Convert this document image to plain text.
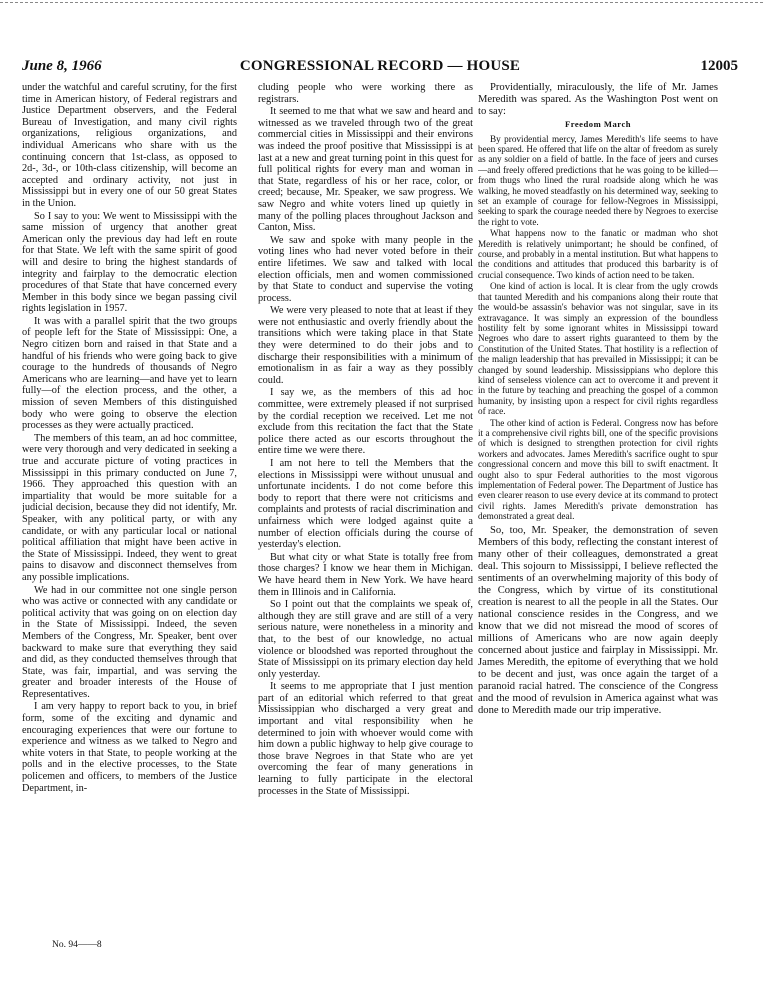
June 8, 1966	CONGRESSIONAL RECORD — HOUSE	12005

under the watchful and careful scrutiny, for the first time in American history, of Federal registrars and Justice Department observers, and the Federal Bureau of Investigation, and many civil rights organizations, religious organizations, and individual Americans who share with us the continuing concern that 1st-class, as opposed to 2d-, 3d-, or 10th-class citizenship, will become an accepted and ordinary activity, not just in Mississippi but in every one of our 50 great States in the Union.

So I say to you: We went to Mississippi with the same mission of urgency that another great American only the previous day had left en route for that State. We left with the same spirit of good will and desire to bring the highest standards of integrity and fairplay to the democratic election procedures of that State that have concerned every Member in this body since we began passing civil rights legislation in 1957.

It was with a parallel spirit that the two groups of people left for the State of Mississippi: One, a Negro citizen born and raised in that State and a handful of his friends who were going back to give courage to the hundreds of thousands of Negro Americans who are learning—and have yet to learn fully—of the election process, and the other, a mission of seven Members of this distinguished body who were going to observe the election processes as they were actually practiced.

The members of this team, an ad hoc committee, were very thorough and very dedicated in seeking a true and accurate picture of voting practices in Mississippi in this primary conducted on June 7, 1966. They approached this question with an impartiality that would be more suitable for a judicial decision, because they did not identify, Mr. Speaker, with any political party, or with any candidate, or with any particular local or national political affiliation that might have been active in the State of Mississippi. Indeed, they went to great pains to disavow and disconnect themselves from any possible implications.

We had in our committee not one single person who was active or connected with any candidate or political activity that was going on on election day in the State of Mississippi. Indeed, the seven Members of the Congress, Mr. Speaker, bent over backward to make sure that everything they said and did, as they conducted themselves through that State, was fair, impartial, and was serving the greater and broader interests of the House of Representatives.

I am very happy to report back to you, in brief form, some of the exciting and dynamic and encouraging experiences that were our fortune to experience and witness as we talked to Negro and white voters in that State, to people working at the polls and in the elective processes, to the State policemen and officers, to members of the Justice Department, in-

cluding people who were working there as registrars.

It seemed to me that what we saw and heard and witnessed as we traveled through two of the great commercial cities in Mississippi and their environs was indeed the proof positive that Mississippi is at last at a new and great turning point in this quest for full political rights for every man and woman in that State, regardless of his or her race, color, or creed; because, Mr. Speaker, we saw progress. We saw Negro and white voters lined up quietly in many of the polling places throughout Jackson and Canton, Miss.

We saw and spoke with many people in the voting lines who had never voted before in their entire lifetimes. We saw and talked with local election officials, men and women commissioned by that State to conduct and supervise the voting process.

We were very pleased to note that at least if they were not enthusiastic and overly friendly about the transitions which were taking place in that State they were determined to do their jobs and to discharge their responsibilities with a minimum of emotionalism in as fair a way as they possibly could.

I say we, as the members of this ad hoc committee, were extremely pleased if not surprised by the cordial reception we received. Let me not exclude from this recitation the fact that the State police there acted as our escorts throughout the entire time we were there.

I am not here to tell the Members that the elections in Mississippi were without unusual and unfortunate incidents. I do not come before this body to report that there were not criticisms and complaints and protests of racial discrimination and unfairness which were lodged against quite a number of election officials during the course of yesterday's election.

But what city or what State is totally free from those charges? I know we hear them in Michigan. We have heard them in New York. We have heard them in Illinois and in California.

So I point out that the complaints we speak of, although they are still grave and are still of a very serious nature, were nonetheless in a minority and that, to the best of our knowledge, no actual violence or bloodshed was reported throughout the State of Mississippi on its primary election day held only yesterday.

It seems to me appropriate that I just mention part of an editorial which referred to that great Mississippian who discharged a very great and important and vital responsibility when he determined to join with whoever would come with him down a public highway to help give courage to those brave Negroes in that State who are yet overcoming the fear of many generations in learning to fully participate in the electoral processes in the State of Mississippi.

Providentially, miraculously, the life of Mr. James Meredith was spared. As the Washington Post went on to say:

Freedom March

By providential mercy, James Meredith's life seems to have been spared. He offered that life on the altar of freedom as surely as any soldier on a field of battle. In the face of jeers and curses—and freely offered predictions that he was going to be killed—from thugs who lined the rural roadside along which he was walking, he moved steadfastly on his determined way, seeking to set an example of courage for fellow-Negroes in Mississippi, seeking to spark the courage needed there by Negroes to exercise the right to vote.

What happens now to the fanatic or madman who shot Meredith is relatively unimportant; he should be confined, of course, and probably in a mental institution. But what happens to the conditions and attitudes that produced this barbarity is of crucial consequence. Two kinds of action need to be taken.

One kind of action is local. It is clear from the ugly crowds that taunted Meredith and his companions along their route that the would-be assassin's behavior was not singular, save in its extravagance. It was simply an expression of the boundless hostility felt by some ignorant whites in Mississippi toward Negroes who dare to assert rights guaranteed to them by the Constitution of the United States. That hostility is a reflection of the malign leadership that has prevailed in Mississippi; it can be changed by sound leadership. Mississippians who deplore this kind of senseless violence can act to overcome it and prevent it in the future by teaching and preaching the gospel of a common humanity, by insisting upon a respect for civil rights regardless of race.

The other kind of action is Federal. Congress now has before it a comprehensive civil rights bill, one of the specific provisions of which is designed to strengthen protection for civil rights workers and advocates. James Meredith's sacrifice ought to spur congressional concern and move this bill to swift enactment. It ought also to spur Federal authorities to the most vigorous implementation of Federal power. The Department of Justice has even clearer reason to use every device at its command to protect civil rights. James Meredith's private demonstration has demonstrated a great deal.

So, too, Mr. Speaker, the demonstration of seven Members of this body, reflecting the constant interest of many other of their colleagues, demonstrated a great deal. This sojourn to Mississippi, I believe reflected the sentiments of an overwhelming majority of this body of the Congress, which by virtue of its constitutional creation is nearest to all the people in all the States. Our national conscience resides in the Congress, and we know that we did not misread the mood of scores of millions of Americans who are now again deeply concerned about justice and fairplay in Mississippi. Mr. James Meredith, the epitome of everything that we hold to be decent and just, was once again the target of a paranoid racial hatred. The conscience of the Congress and the mood of revulsion in America against what was done to Meredith made our trip imperative.

No. 94——8
